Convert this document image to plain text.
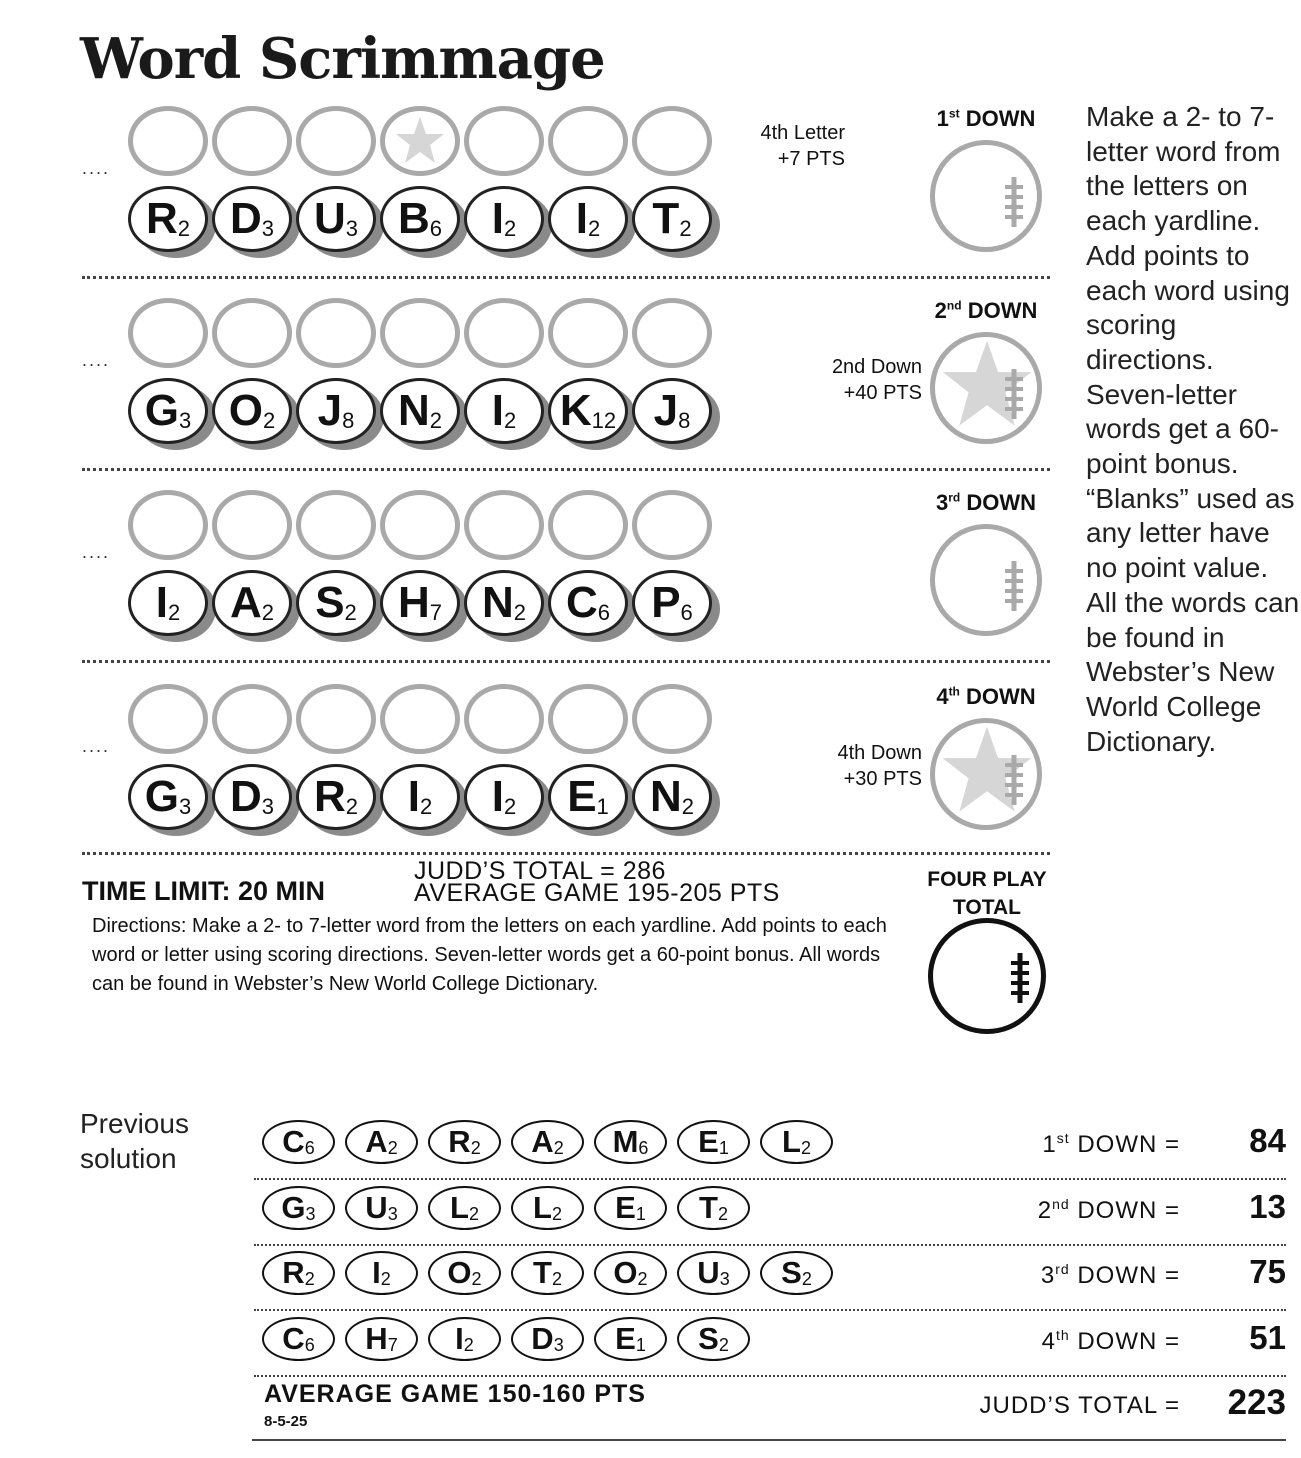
Word Scrimmage
....
R 2 D 3 U 3 B 6 I 2 I 2 T 2
1st DOWN
4th Letter
+7 PTS
....
G 3 O 2 J 8 N 2 I 2 K 12 J 8
2nd DOWN
2nd Down
+40 PTS
....
I 2 A 2 S 2 H 7 N 2 C 6 P 6
3rd DOWN
....
G 3 D 3 R 2 I 2 I 2 E 1 N 2
4th DOWN
4th Down
+30 PTS
Make a 2- to 7-letter word from the letters on each yardline. Add points to each word using scoring directions. Seven-letter words get a 60-point bonus. “Blanks” used as any letter have no point value. All the words can be found in Webster’s New World College Dictionary.
TIME LIMIT: 20 MIN
JUDD’S TOTAL = 286
AVERAGE GAME 195-205 PTS
Directions: Make a 2- to 7-letter word from the letters on each yardline. Add points to each word or letter using scoring directions. Seven-letter words get a 60-point bonus. All words can be found in Webster’s New World College Dictionary.
FOUR PLAY TOTAL
Previous solution	C 6 A 2 R 2 A 2 M 6 E 1 L 2	1st DOWN =	84
G 3 U 3 L 2 L 2 E 1 T 2	2nd DOWN =	13
R 2 I 2 O 2 T 2 O 2 U 3 S 2	3rd DOWN =	75
C 6 H 7 I 2 D 3 E 1 S 2	4th DOWN =	51
AVERAGE GAME 150-160 PTS
8-5-25
JUDD’S TOTAL =	223
